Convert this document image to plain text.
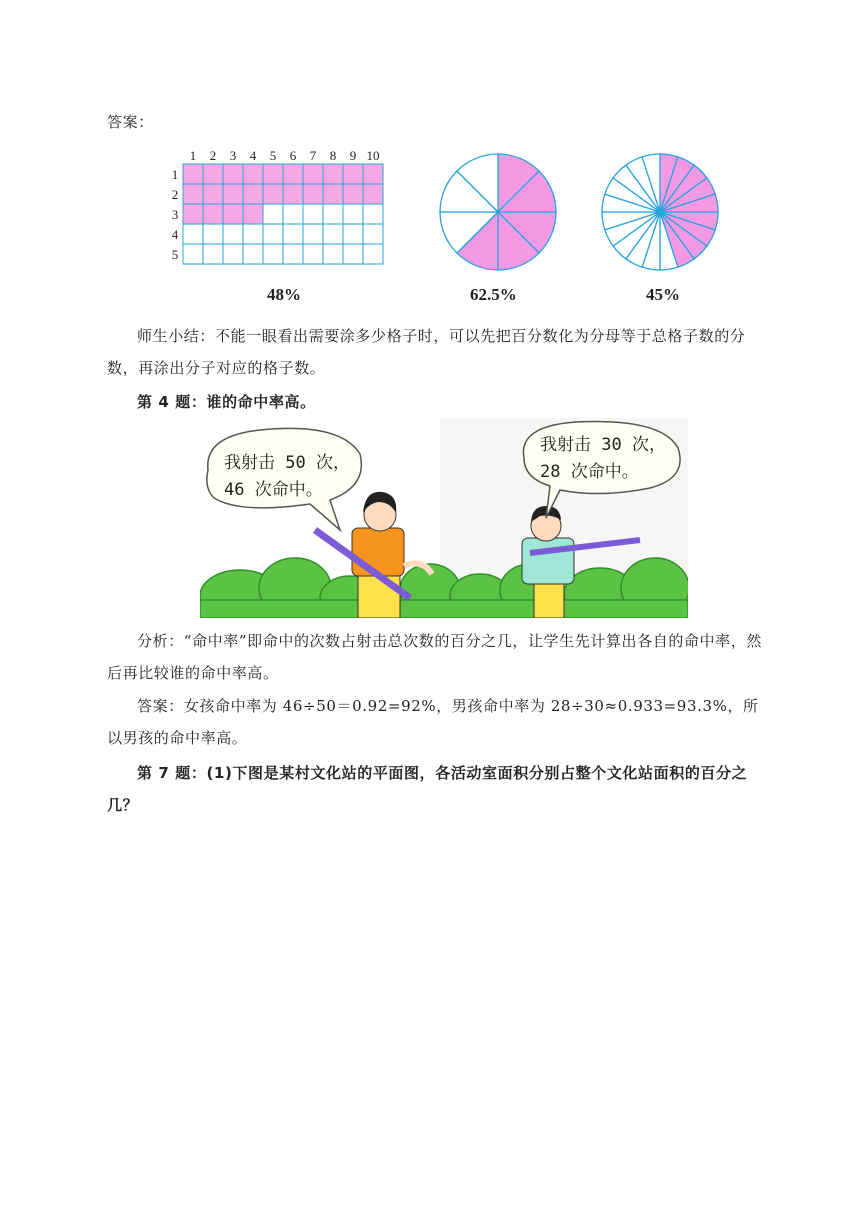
答案：
1 2 3 4 5 6 7 8 9 10
1
2
3
4
5
48%	62.5%	45%
师生小结：不能一眼看出需要涂多少格子时，可以先把百分数化为分母等于总格子数的分数，再涂出分子对应的格子数。
第 4 题：谁的命中率高。
我射击 50 次，
46 次命中。
我射击 30 次，
28 次命中。
分析：“命中率”即命中的次数占射击总次数的百分之几，让学生先计算出各自的命中率，然后再比较谁的命中率高。
答案：女孩命中率为 46÷50＝0.92=92%，男孩命中率为 28÷30≈0.933=93.3%，所以男孩的命中率高。
第 7 题：(1)下图是某村文化站的平面图，各活动室面积分别占整个文化站面积的百分之几？
